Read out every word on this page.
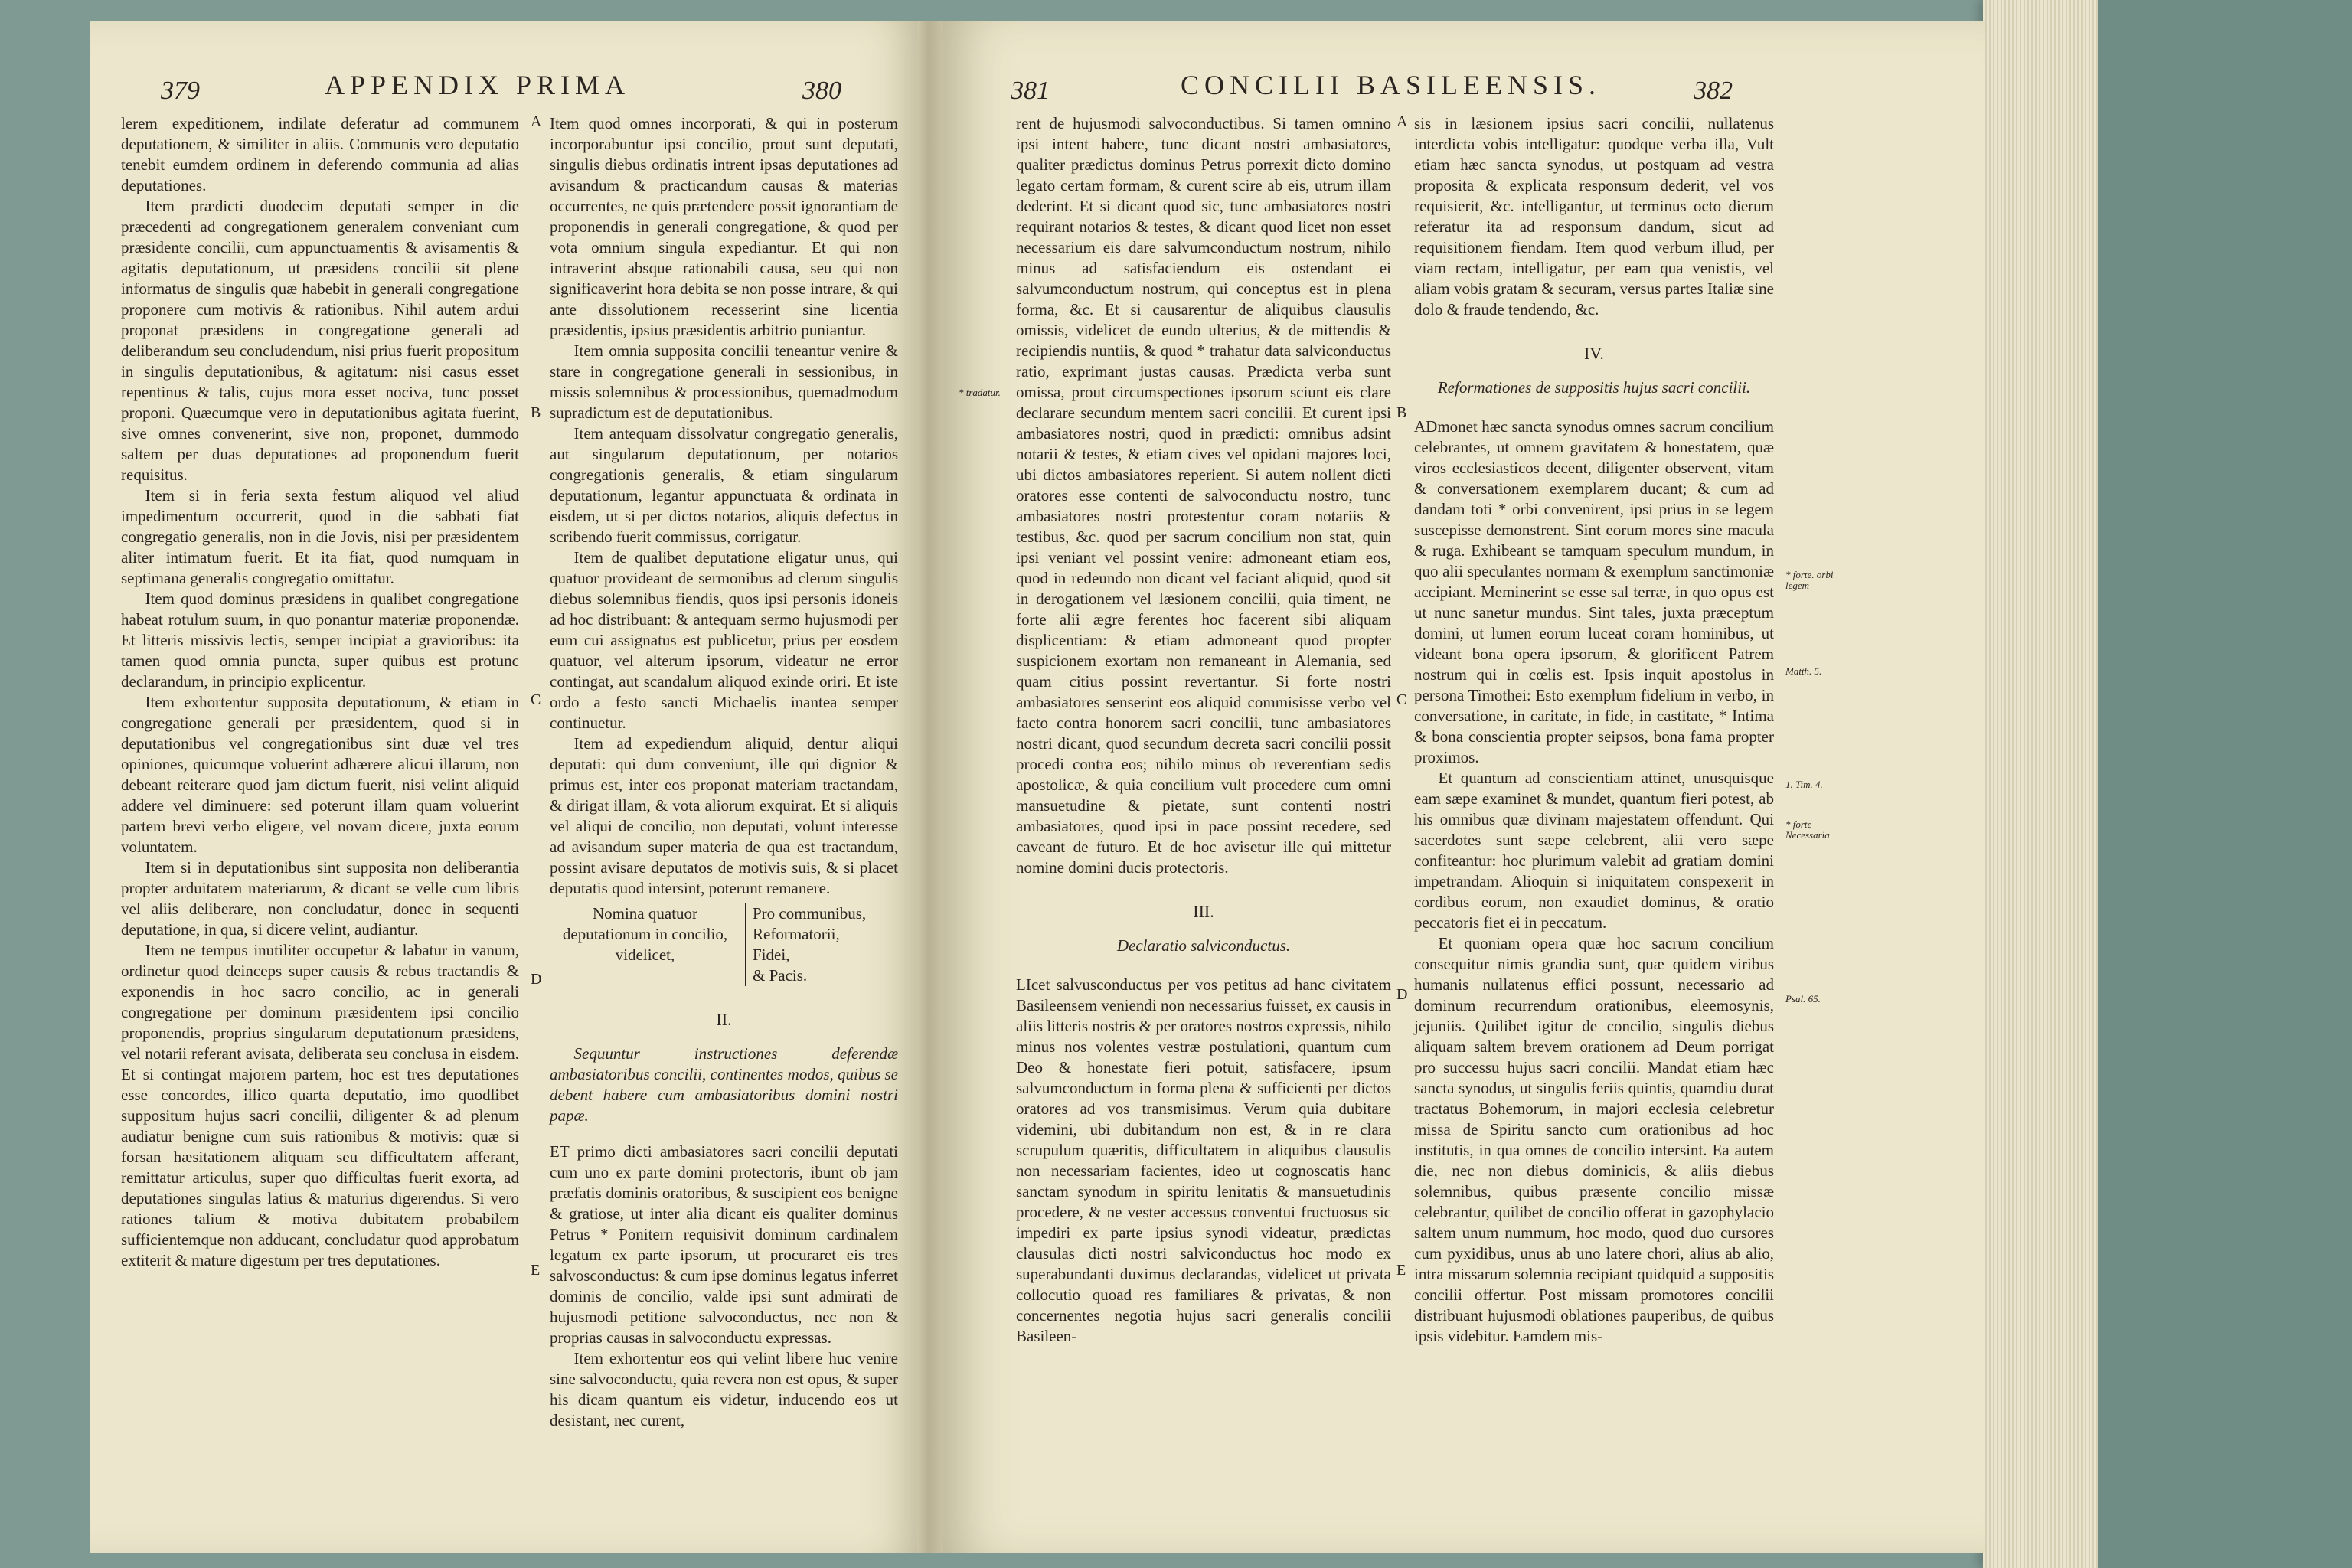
379	APPENDIX PRIMA	380

lerem expeditionem, indilate deferatur ad communem deputationem, & similiter in aliis. Communis vero deputatio tenebit eumdem ordinem in deferendo communia ad alias deputationes.

Item prædicti duodecim deputati semper in die præcedenti ad congregationem generalem conveniant cum præsidente concilii, cum appunctuamentis & avisamentis & agitatis deputationum, ut præsidens concilii sit plene informatus de singulis quæ habebit in generali congregatione proponere cum motivis & rationibus. Nihil autem ardui proponat præsidens in congregatione generali ad deliberandum seu concludendum, nisi prius fuerit propositum in singulis deputationibus, & agitatum: nisi casus esset repentinus & talis, cujus mora esset nociva, tunc posset proponi. Quæcumque vero in deputationibus agitata fuerint, sive omnes convenerint, sive non, proponet, dummodo saltem per duas deputationes ad proponendum fuerit requisitus.

Item si in feria sexta festum aliquod vel aliud impedimentum occurrerit, quod in die sabbati fiat congregatio generalis, non in die Jovis, nisi per præsidentem aliter intimatum fuerit. Et ita fiat, quod numquam in septimana generalis congregatio omittatur.

Item quod dominus præsidens in qualibet congregatione habeat rotulum suum, in quo ponantur materiæ proponendæ. Et litteris missivis lectis, semper incipiat a gravioribus: ita tamen quod omnia puncta, super quibus est protunc declarandum, in principio explicentur.

Item exhortentur supposita deputationum, & etiam in congregatione generali per præsidentem, quod si in deputationibus vel congregationibus sint duæ vel tres opiniones, quicumque voluerint adhærere alicui illarum, non debeant reiterare quod jam dictum fuerit, nisi velint aliquid addere vel diminuere: sed poterunt illam quam voluerint partem brevi verbo eligere, vel novam dicere, juxta eorum voluntatem.

Item si in deputationibus sint supposita non deliberantia propter arduitatem materiarum, & dicant se velle cum libris vel aliis deliberare, non concludatur, donec in sequenti deputatione, in qua, si dicere velint, audiantur.

Item ne tempus inutiliter occupetur & labatur in vanum, ordinetur quod deinceps super causis & rebus tractandis & exponendis in hoc sacro concilio, ac in generali congregatione per dominum præsidentem ipsi concilio proponendis, proprius singularum deputationum præsidens, vel notarii referant avisata, deliberata seu conclusa in eisdem. Et si contingat majorem partem, hoc est tres deputationes esse concordes, illico quarta deputatio, imo quodlibet suppositum hujus sacri concilii, diligenter & ad plenum audiatur benigne cum suis rationibus & motivis: quæ si forsan hæsitationem aliquam seu difficultatem afferant, remittatur articulus, super quo difficultas fuerit exorta, ad deputationes singulas latius & maturius digerendus. Si vero rationes talium & motiva dubitatem probabilem sufficientemque non adducant, concludatur quod approbatum extiterit & mature digestum per tres deputationes.

A
B
C
D
E

Item quod omnes incorporati, & qui in posterum incorporabuntur ipsi concilio, prout sunt deputati, singulis diebus ordinatis intrent ipsas deputationes ad avisandum & practicandum causas & materias occurrentes, ne quis prætendere possit ignorantiam de proponendis in generali congregatione, & quod per vota omnium singula expediantur. Et qui non intraverint absque rationabili causa, seu qui non significaverint hora debita se non posse intrare, & qui ante dissolutionem recesserint sine licentia præsidentis, ipsius præsidentis arbitrio puniantur.

Item omnia supposita concilii teneantur venire & stare in congregatione generali in sessionibus, in missis solemnibus & processionibus, quemadmodum supradictum est de deputationibus.

Item antequam dissolvatur congregatio generalis, aut singularum deputationum, per notarios congregationis generalis, & etiam singularum deputationum, legantur appunctuata & ordinata in eisdem, ut si per dictos notarios, aliquis defectus in scribendo fuerit commissus, corrigatur.

Item de qualibet deputatione eligatur unus, qui quatuor provideant de sermonibus ad clerum singulis diebus solemnibus fiendis, quos ipsi personis idoneis ad hoc distribuant: & antequam sermo hujusmodi per eum cui assignatus est publicetur, prius per eosdem quatuor, vel alterum ipsorum, videatur ne error contingat, aut scandalum aliquod exinde oriri. Et iste ordo a festo sancti Michaelis inantea semper continuetur.

Item ad expediendum aliquid, dentur aliqui deputati: qui dum conveniunt, ille qui dignior & primus est, inter eos proponat materiam tractandam, & dirigat illam, & vota aliorum exquirat. Et si aliquis vel aliqui de concilio, non deputati, volunt interesse ad avisandum super materia de qua est tractandum, possint avisare deputatos de motivis suis, & si placet deputatis quod intersint, poterunt remanere.

Nomina quatuor deputationum in concilio, videlicet,
Pro communibus,
Reformatorii,
Fidei,
& Pacis.
II.
Sequuntur instructiones deferendæ ambasiatoribus concilii, continentes modos, quibus se debent habere cum ambasiatoribus domini nostri papæ.

ET primo dicti ambasiatores sacri concilii deputati cum uno ex parte domini protectoris, ibunt ob jam præfatis dominis oratoribus, & suscipient eos benigne & gratiose, ut inter alia dicant eis qualiter dominus Petrus * Ponitern requisivit dominum cardinalem legatum ex parte ipsorum, ut procuraret eis tres salvosconductus: & cum ipse dominus legatus inferret dominis de concilio, valde ipsi sunt admirati de hujusmodi petitione salvoconductus, nec non & proprias causas in salvoconductu expressas.

Item exhortentur eos qui velint libere huc venire sine salvoconductu, quia revera non est opus, & super his dicam quantum eis videtur, inducendo eos ut desistant, nec curent,

381	CONCILII BASILEENSIS.	382
* tradatur.

rent de hujusmodi salvoconductibus. Si tamen omnino ipsi intent habere, tunc dicant nostri ambasiatores, qualiter prædictus dominus Petrus porrexit dicto domino legato certam formam, & curent scire ab eis, utrum illam dederint. Et si dicant quod sic, tunc ambasiatores nostri requirant notarios & testes, & dicant quod licet non esset necessarium eis dare salvumconductum nostrum, nihilo minus ad satisfaciendum eis ostendant ei salvumconductum nostrum, qui conceptus est in plena forma, &c. Et si causarentur de aliquibus clausulis omissis, videlicet de eundo ulterius, & de mittendis & recipiendis nuntiis, & quod * trahatur data salviconductus ratio, exprimant justas causas. Prædicta verba sunt omissa, prout circumspectiones ipsorum sciunt eis clare declarare secundum mentem sacri concilii. Et curent ipsi ambasiatores nostri, quod in prædicti: omnibus adsint notarii & testes, & etiam cives vel opidani majores loci, ubi dictos ambasiatores reperient. Si autem nollent dicti oratores esse contenti de salvoconductu nostro, tunc ambasiatores nostri protestentur coram notariis & testibus, &c. quod per sacrum concilium non stat, quin ipsi veniant vel possint venire: admoneant etiam eos, quod in redeundo non dicant vel faciant aliquid, quod sit in derogationem vel læsionem concilii, quia timent, ne forte alii ægre ferentes hoc facerent sibi aliquam displicentiam: & etiam admoneant quod propter suspicionem exortam non remaneant in Alemania, sed quam citius possint revertantur. Si forte nostri ambasiatores senserint eos aliquid commisisse verbo vel facto contra honorem sacri concilii, tunc ambasiatores nostri dicant, quod secundum decreta sacri concilii possit procedi contra eos; nihilo minus ob reverentiam sedis apostolicæ, & quia concilium vult procedere cum omni mansuetudine & pietate, sunt contenti nostri ambasiatores, quod ipsi in pace possint recedere, sed caveant de futuro. Et de hoc avisetur ille qui mittetur nomine domini ducis protectoris.

III.
Declaratio salviconductus.

LIcet salvusconductus per vos petitus ad hanc civitatem Basileensem veniendi non necessarius fuisset, ex causis in aliis litteris nostris & per oratores nostros expressis, nihilo minus nos volentes vestræ postulationi, quantum cum Deo & honestate fieri potuit, satisfacere, ipsum salvumconductum in forma plena & sufficienti per dictos oratores ad vos transmisimus. Verum quia dubitare videmini, ubi dubitandum non est, & in re clara scrupulum quæritis, difficultatem in aliquibus clausulis non necessariam facientes, ideo ut cognoscatis hanc sanctam synodum in spiritu lenitatis & mansuetudinis procedere, & ne vester accessus conventui fructuosus sic impediri ex parte ipsius synodi videatur, prædictas clausulas dicti nostri salviconductus hoc modo ex superabundanti duximus declarandas, videlicet ut privata collocutio quoad res familiares & privatas, & non concernentes negotia hujus sacri generalis concilii Basileen-

A
B
C
D
E

sis in læsionem ipsius sacri concilii, nullatenus interdicta vobis intelligatur: quodque verba illa, Vult etiam hæc sancta synodus, ut postquam ad vestra proposita & explicata responsum dederit, vel vos requisierit, &c. intelligantur, ut terminus octo dierum referatur ita ad responsum dandum, sicut ad requisitionem fiendam. Item quod verbum illud, per viam rectam, intelligatur, per eam qua venistis, vel aliam vobis gratam & securam, versus partes Italiæ sine dolo & fraude tendendo, &c.

IV.
Reformationes de suppositis hujus sacri concilii.

ADmonet hæc sancta synodus omnes sacrum concilium celebrantes, ut omnem gravitatem & honestatem, quæ viros ecclesiasticos decent, diligenter observent, vitam & conversationem exemplarem ducant; & cum ad dandam toti * orbi convenirent, ipsi prius in se legem suscepisse demonstrent. Sint eorum mores sine macula & ruga. Exhibeant se tamquam speculum mundum, in quo alii speculantes normam & exemplum sanctimoniæ accipiant. Meminerint se esse sal terræ, in quo opus est ut nunc sanetur mundus. Sint tales, juxta præceptum domini, ut lumen eorum luceat coram hominibus, ut videant bona opera ipsorum, & glorificent Patrem nostrum qui in cœlis est. Ipsis inquit apostolus in persona Timothei: Esto exemplum fidelium in verbo, in conversatione, in caritate, in fide, in castitate, * Intima & bona conscientia propter seipsos, bona fama propter proximos.

Et quantum ad conscientiam attinet, unusquisque eam sæpe examinet & mundet, quantum fieri potest, ab his omnibus quæ divinam majestatem offendunt. Qui sacerdotes sunt sæpe celebrent, alii vero sæpe confiteantur: hoc plurimum valebit ad gratiam domini impetrandam. Alioquin si iniquitatem conspexerit in cordibus eorum, non exaudiet dominus, & oratio peccatoris fiet ei in peccatum.

Et quoniam opera quæ hoc sacrum concilium consequitur nimis grandia sunt, quæ quidem viribus humanis nullatenus effici possunt, necessario ad dominum recurrendum orationibus, eleemosynis, jejuniis. Quilibet igitur de concilio, singulis diebus aliquam saltem brevem orationem ad Deum porrigat pro successu hujus sacri concilii. Mandat etiam hæc sancta synodus, ut singulis feriis quintis, quamdiu durat tractatus Bohemorum, in majori ecclesia celebretur missa de Spiritu sancto cum orationibus ad hoc institutis, in qua omnes de concilio intersint. Ea autem die, nec non diebus dominicis, & aliis diebus solemnibus, quibus præsente concilio missæ celebrantur, quilibet de concilio offerat in gazophylacio saltem unum nummum, hoc modo, quod duo cursores cum pyxidibus, unus ab uno latere chori, alius ab alio, intra missarum solemnia recipiant quidquid a suppositis concilii offertur. Post missam promotores concilii distribuant hujusmodi oblationes pauperibus, de quibus ipsis videbitur. Eamdem mis-

* forte. orbi legem
Matth. 5.
1. Tim. 4.
* forte Necessaria
Psal. 65.
